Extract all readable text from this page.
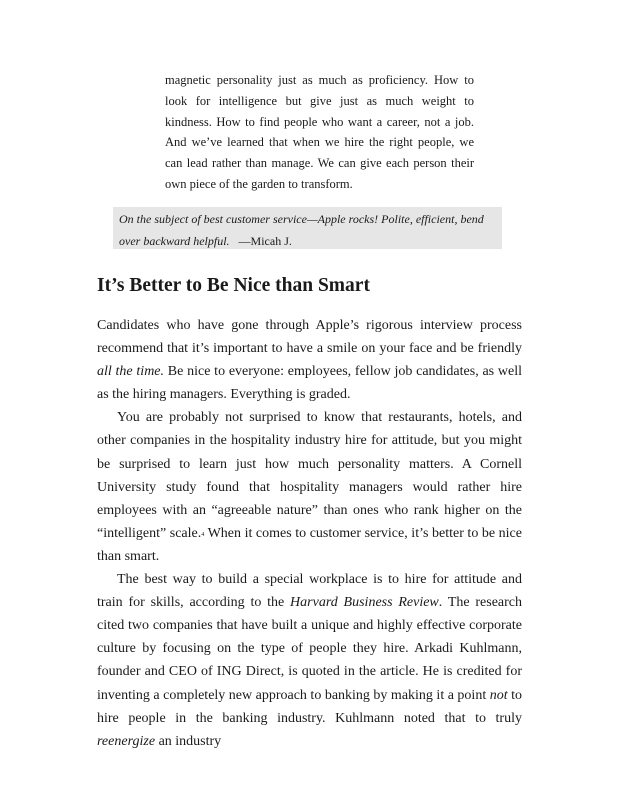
magnetic personality just as much as proficiency. How to look for intelligence but give just as much weight to kindness. How to find people who want a career, not a job. And we’ve learned that when we hire the right people, we can lead rather than manage. We can give each person their own piece of the garden to transform.

On the subject of best customer service—Apple rocks! Polite, efficient, bend over backward helpful. —Micah J.
It’s Better to Be Nice than Smart

Candidates who have gone through Apple’s rigorous interview process recommend that it’s important to have a smile on your face and be friendly all the time. Be nice to everyone: employees, fellow job candidates, as well as the hiring managers. Everything is graded.

You are probably not surprised to know that restaurants, hotels, and other companies in the hospitality industry hire for attitude, but you might be surprised to learn just how much personality matters. A Cornell University study found that hospitality managers would rather hire employees with an “agreeable nature” than ones who rank higher on the “intelligent” scale.$^4$ When it comes to customer service, it’s better to be nice than smart.

The best way to build a special workplace is to hire for attitude and train for skills, according to the Harvard Business Review. The research cited two companies that have built a unique and highly effective corporate culture by focusing on the type of people they hire. Arkadi Kuhlmann, founder and CEO of ING Direct, is quoted in the article. He is credited for inventing a completely new approach to banking by making it a point not to hire people in the banking industry. Kuhlmann noted that to truly reenergize an industry
